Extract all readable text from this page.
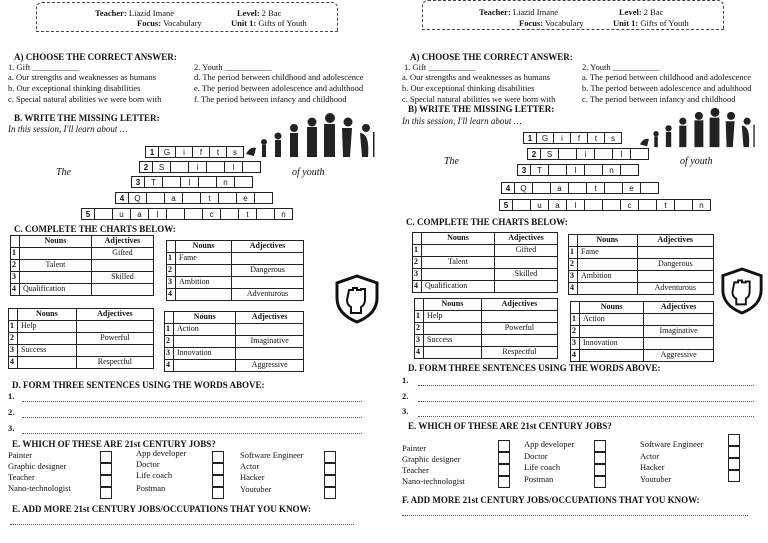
Teacher: Liazid Imane	Level: 2 Bac
Focus: Vocabulary	Unit 1: Gifts of Youth
A) CHOOSE THE CORRECT ANSWER:
1. Gift ___________	2. Youth ___________
a. Our strengths and weaknesses as humans
b. Our exceptional thinking disabilities
c. Special natural abilities we were born with
d. The period between childhood and adolescence
e. The period between adolescence and adulthood
f. The period between infancy and childhood
B. WRITE THE MISSING LETTER:
In this session, I'll learn about …
The	of youth
1	G	i	f	t	s
2	S	i	l
3	T	l	n
4	Q	a	t	e
5	u	a	l	c	t	n
C. COMPLETE THE CHARTS BELOW:
	Nouns	Adjectives
1		Gifted
2	Talent	
3		Skilled
4	Qualification	
	Nouns	Adjectives
1	Fame	
2		Dangerous
3	Ambition	
4		Adventurous
	Nouns	Adjectives
1	Help	
2		Powerful
3	Success	
4		Respectful
	Nouns	Adjectives
1	Action	
2		Imaginative
3	Innovation	
4		Aggressive
D. FORM THREE SENTENCES USING THE WORDS ABOVE:
1.
2.
3.
E. WHICH OF THESE ARE 21st CENTURY JOBS?
Painter
Graphic designer
Teacher
Nano-technologist
App developer
Doctor
Life coach
Postman
Software Engineer
Actor
Hacker
Youtuber
E. ADD MORE 21st CENTURY JOBS/OCCUPATIONS THAT YOU KNOW:
Teacher: Liazid Imane	Level: 2 Bac
Focus: Vocabulary	Unit 1: Gifts of Youth
A) CHOOSE THE CORRECT ANSWER:
1. Gift ___________	2. Youth ___________
a. Our strengths and weaknesses as humans
b. Our exceptional thinking disabilities
c. Special natural abilities we were born with
a. The period between childhood and adolescence
b. The period between adolescence and adulthood
c. The period between infancy and childhood
B) WRITE THE MISSING LETTER:
In this session, I'll learn about …
The	of youth
1	G	i	f	t	s
2	S	i	l
3	T	l	n
4	Q	a	t	e
5	u	a	l	c	t	n
C. COMPLETE THE CHARTS BELOW:
	Nouns	Adjectives
1		Gifted
2	Talent	
3		Skilled
4	Qualification	
	Nouns	Adjectives
1	Fame	
2		Dangerous
3	Ambition	
4		Adventurous
	Nouns	Adjectives
1	Help	
2		Powerful
3	Success	
4		Respectful
	Nouns	Adjectives
1	Action	
2		Imaginative
3	Innovation	
4		Aggressive
D. FORM THREE SENTENCES USING THE WORDS ABOVE:
1.
2.
3.
E. WHICH OF THESE ARE 21st CENTURY JOBS?
Painter
Graphic designer
Teacher
Nano-technologist
App developer
Doctor
Life coach
Postman
Software Engineer
Actor
Hacker
Youtuber
F. ADD MORE 21st CENTURY JOBS/OCCUPATIONS THAT YOU KNOW:
